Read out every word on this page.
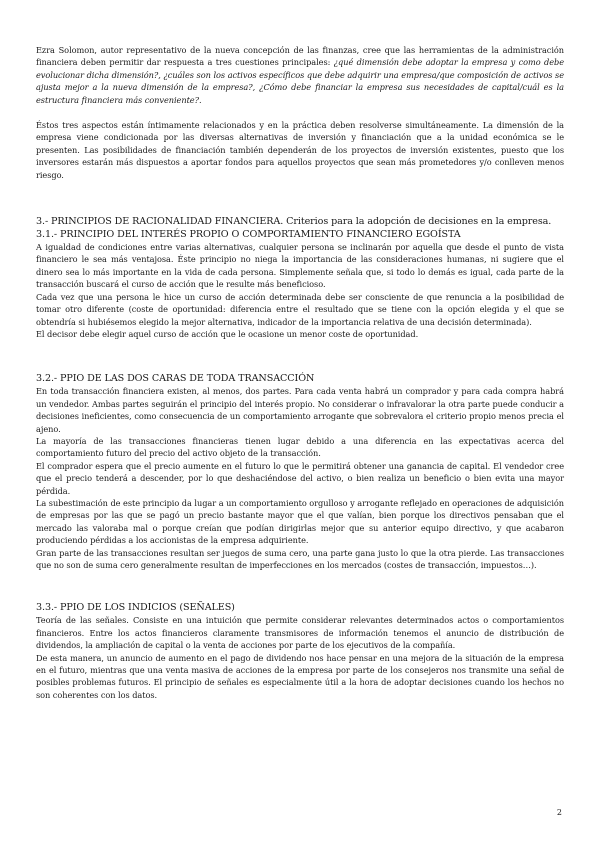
Ezra Solomon, autor representativo de la nueva concepción de las finanzas, cree que las herramientas de la administración financiera deben permitir dar respuesta a tres cuestiones principales: ¿qué dimensión debe adoptar la empresa y como debe evolucionar dicha dimensión?, ¿cuáles son los activos específicos que debe adquirir una empresa/que composición de activos se ajusta mejor a la nueva dimensión de la empresa?, ¿Cómo debe financiar la empresa sus necesidades de capital/cuál es la estructura financiera más conveniente?.

Éstos tres aspectos están íntimamente relacionados y en la práctica deben resolverse simultáneamente. La dimensión de la empresa viene condicionada por las diversas alternativas de inversión y financiación que a la unidad económica se le presenten. Las posibilidades de financiación también dependerán de los proyectos de inversión existentes, puesto que los inversores estarán más dispuestos a aportar fondos para aquellos proyectos que sean más prometedores y/o conlleven menos riesgo.

3.- PRINCIPIOS DE RACIONALIDAD FINANCIERA. Criterios para la adopción de decisiones en la empresa.
3.1.- PRINCIPIO DEL INTERÉS PROPIO O COMPORTAMIENTO FINANCIERO EGOÍSTA

A igualdad de condiciones entre varias alternativas, cualquier persona se inclinarán por aquella que desde el punto de vista financiero le sea más ventajosa. Éste principio no niega la importancia de las consideraciones humanas, ni sugiere que el dinero sea lo más importante en la vida de cada persona. Simplemente señala que, si todo lo demás es igual, cada parte de la transacción buscará el curso de acción que le resulte más beneficioso.

Cada vez que una persona le hice un curso de acción determinada debe ser consciente de que renuncia a la posibilidad de tomar otro diferente (coste de oportunidad: diferencia entre el resultado que se tiene con la opción elegida y el que se obtendría si hubiésemos elegido la mejor alternativa, indicador de la importancia relativa de una decisión determinada).

El decisor debe elegir aquel curso de acción que le ocasione un menor coste de oportunidad.

3.2.- PPIO DE LAS DOS CARAS DE TODA TRANSACCIÓN

En toda transacción financiera existen, al menos, dos partes. Para cada venta habrá un comprador y para cada compra habrá un vendedor. Ambas partes seguirán el principio del interés propio. No considerar o infravalorar la otra parte puede conducir a decisiones ineficientes, como consecuencia de un comportamiento arrogante que sobrevalora el criterio propio menos precia el ajeno.

La mayoría de las transacciones financieras tienen lugar debido a una diferencia en las expectativas acerca del comportamiento futuro del precio del activo objeto de la transacción.

El comprador espera que el precio aumente en el futuro lo que le permitirá obtener una ganancia de capital. El vendedor cree que el precio tenderá a descender, por lo que deshaciéndose del activo, o bien realiza un beneficio o bien evita una mayor pérdida.

La subestimación de este principio da lugar a un comportamiento orgulloso y arrogante reflejado en operaciones de adquisición de empresas por las que se pagó un precio bastante mayor que el que valían, bien porque los directivos pensaban que el mercado las valoraba mal o porque creían que podían dirigirlas mejor que su anterior equipo directivo, y que acabaron produciendo pérdidas a los accionistas de la empresa adquiriente.

Gran parte de las transacciones resultan ser juegos de suma cero, una parte gana justo lo que la otra pierde. Las transacciones que no son de suma cero generalmente resultan de imperfecciones en los mercados (costes de transacción, impuestos…).

3.3.- PPIO DE LOS INDICIOS (SEÑALES)

Teoría de las señales. Consiste en una intuición que permite considerar relevantes determinados actos o comportamientos financieros. Entre los actos financieros claramente transmisores de información tenemos el anuncio de distribución de dividendos, la ampliación de capital o la venta de acciones por parte de los ejecutivos de la compañía.

De esta manera, un anuncio de aumento en el pago de dividendo nos hace pensar en una mejora de la situación de la empresa en el futuro, mientras que una venta masiva de acciones de la empresa por parte de los consejeros nos transmite una señal de posibles problemas futuros. El principio de señales es especialmente útil a la hora de adoptar decisiones cuando los hechos no son coherentes con los datos.

2
